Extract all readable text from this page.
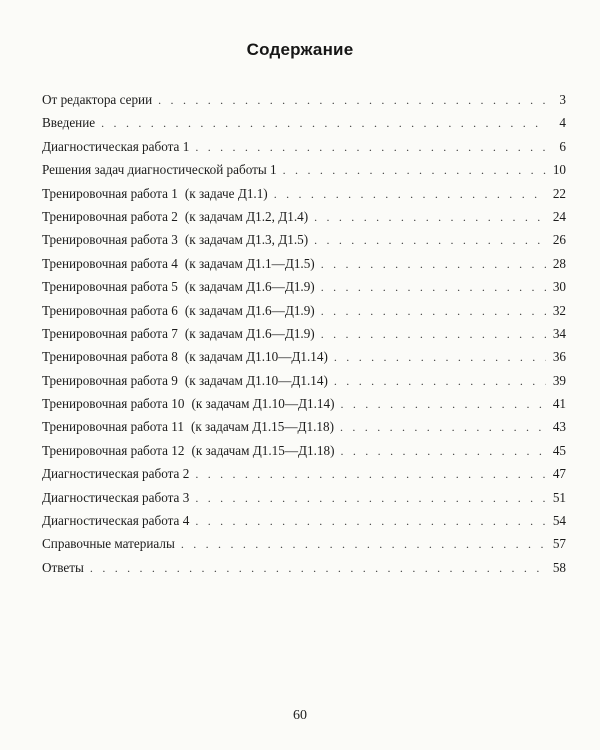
Содержание
От редактора серии . . .	3
Введение . . .	4
Диагностическая работа 1 . . .	6
Решения задач диагностической работы 1 . . .	10
Тренировочная работа 1 (к задаче Д1.1) . . .	22
Тренировочная работа 2 (к задачам Д1.2, Д1.4) . . .	24
Тренировочная работа 3 (к задачам Д1.3, Д1.5) . . .	26
Тренировочная работа 4 (к задачам Д1.1—Д1.5) . . .	28
Тренировочная работа 5 (к задачам Д1.6—Д1.9) . . .	30
Тренировочная работа 6 (к задачам Д1.6—Д1.9) . . .	32
Тренировочная работа 7 (к задачам Д1.6—Д1.9) . . .	34
Тренировочная работа 8 (к задачам Д1.10—Д1.14) . . .	36
Тренировочная работа 9 (к задачам Д1.10—Д1.14) . . .	39
Тренировочная работа 10 (к задачам Д1.10—Д1.14) . . .	41
Тренировочная работа 11 (к задачам Д1.15—Д1.18) . . .	43
Тренировочная работа 12 (к задачам Д1.15—Д1.18) . . .	45
Диагностическая работа 2 . . .	47
Диагностическая работа 3 . . .	51
Диагностическая работа 4 . . .	54
Справочные материалы . . .	57
Ответы . . .	58
60
